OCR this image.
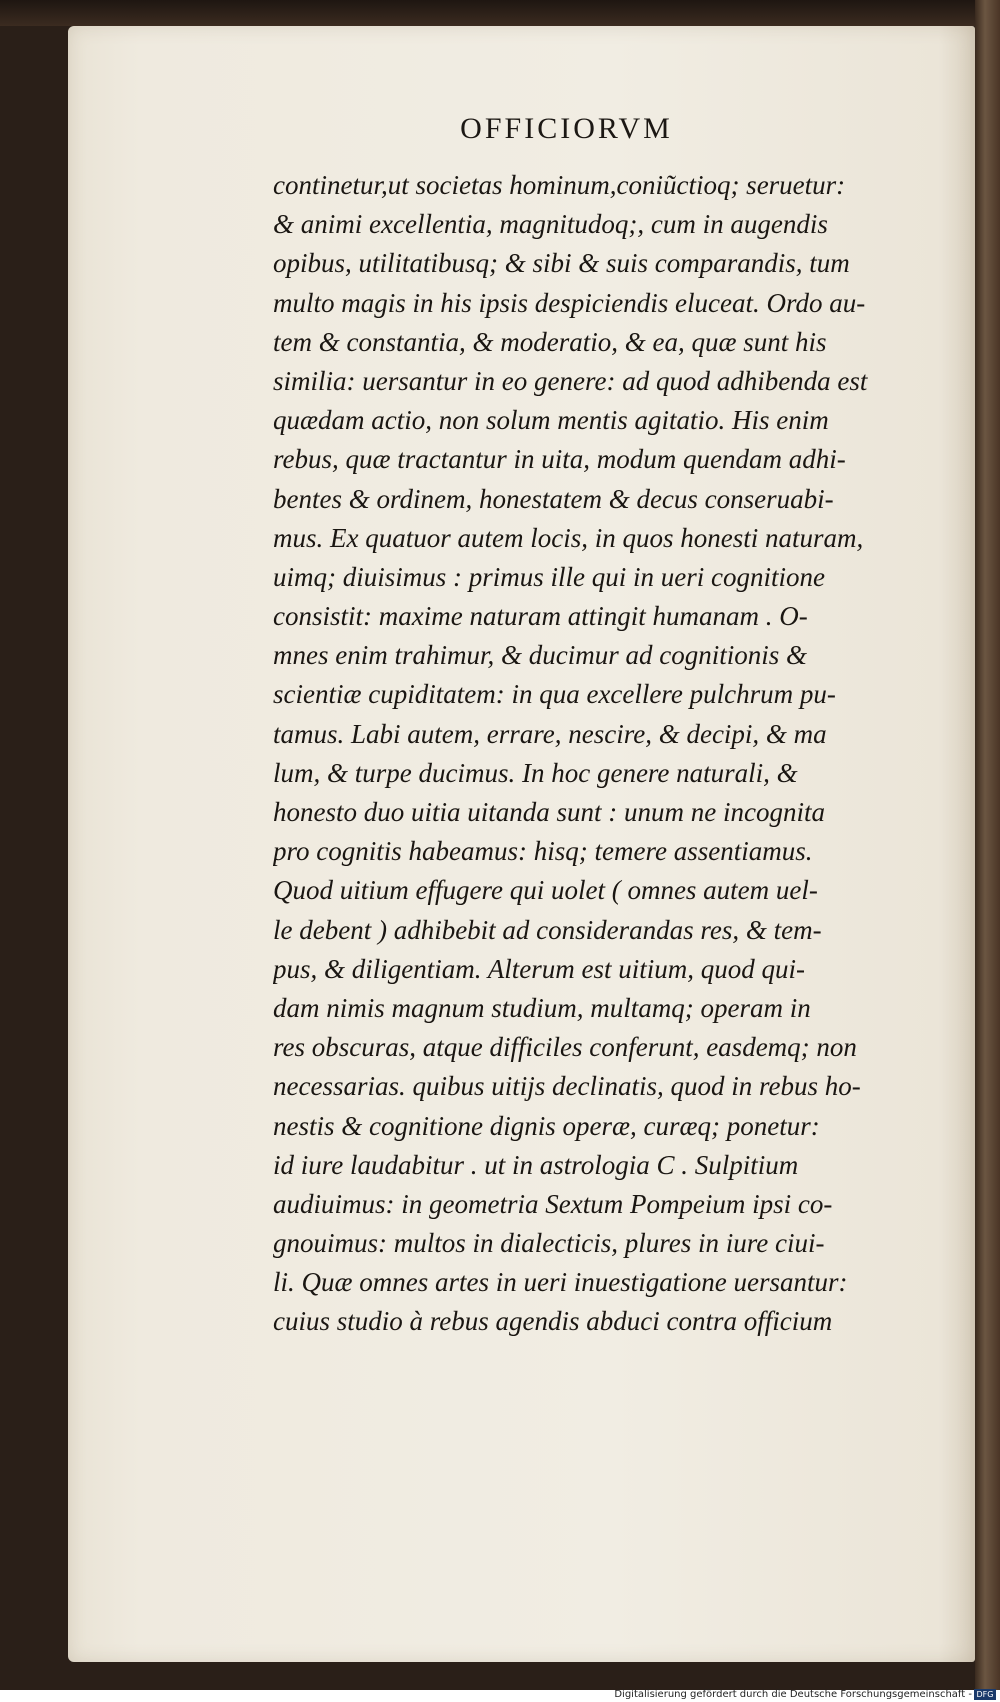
OFFICIORVM
continetur,ut societas hominum,coniũctioq; seruetur:
& animi excellentia, magnitudoq;, cum in augendis
opibus, utilitatibusq; & sibi & suis comparandis, tum
multo magis in his ipsis despiciendis eluceat. Ordo au-
tem & constantia, & moderatio, & ea, quæ sunt his
similia: uersantur in eo genere: ad quod adhibenda est
quædam actio, non solum mentis agitatio. His enim
rebus, quæ tractantur in uita, modum quendam adhi-
bentes & ordinem, honestatem & decus conseruabi-
mus. Ex quatuor autem locis, in quos honesti naturam,
uimq; diuisimus : primus ille qui in ueri cognitione
consistit: maxime naturam attingit humanam . O-
mnes enim trahimur, & ducimur ad cognitionis &
scientiæ cupiditatem: in qua excellere pulchrum pu-
tamus. Labi autem, errare, nescire, & decipi, & ma
lum, & turpe ducimus. In hoc genere naturali, &
honesto duo uitia uitanda sunt : unum ne incognita
pro cognitis habeamus: hisq; temere assentiamus.
Quod uitium effugere qui uolet ( omnes autem uel-
le debent ) adhibebit ad considerandas res, & tem-
pus, & diligentiam. Alterum est uitium, quod qui-
dam nimis magnum studium, multamq; operam in
res obscuras, atque difficiles conferunt, easdemq; non
necessarias. quibus uitijs declinatis, quod in rebus ho-
nestis & cognitione dignis operæ, curæq; ponetur:
id iure laudabitur . ut in astrologia C . Sulpitium
audiuimus: in geometria Sextum Pompeium ipsi co-
gnouimus: multos in dialecticis, plures in iure ciui-
li. Quæ omnes artes in ueri inuestigatione uersantur:
cuius studio à rebus agendis abduci contra officium
Digitalisierung gefördert durch die Deutsche Forschungsgemeinschaft - DFG
